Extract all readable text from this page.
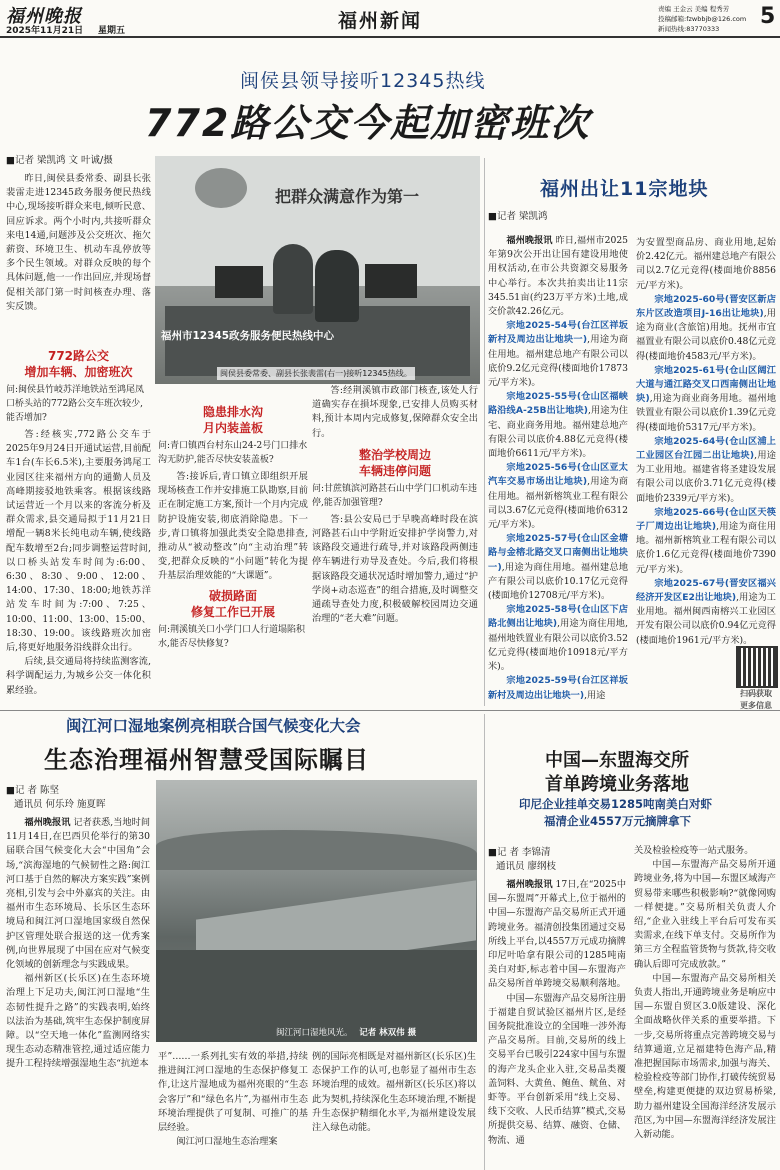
福州晚报
2025年11月21日 星期五	福州新闻
责编 王金云 美编 程秀芳
投稿邮箱:fzwbbjb@126.com
新闻热线:83770333 5
闽侯县领导接听12345热线
772路公交今起加密班次
■记者 梁凯鸿 文 叶诚/摄

昨日,闽侯县委常委、副县长张裴雷走进12345政务服务便民热线中心,现场接听群众来电,倾听民意、回应诉求。两个小时内,共接听群众来电14通,问题涉及公交班次、拖欠薪资、环境卫生、机动车乱停放等多个民生领域。对群众反映的每个具体问题,他一一作出回应,并现场督促相关部门第一时间核查办理、落实反馈。

把群众满意作为第一
福州市12345政务服务便民热线中心
闽侯县委常委、副县长张裴雷(右一)接听12345热线。
772路公交
增加车辆、加密班次

问:闽侯县竹岐苏洋地铁站至鸿尾凤口桥头站的772路公交车班次较少,能否增加?

答:经核实,772路公交车于2025年9月24日开通试运营,目前配车1台(车长6.5米),主要服务鸿尾工业园区往来福州方向的通勤人员及高峰期接驳地铁乘客。根据该线路试运营近一个月以来的客流分析及群众需求,县交通局拟于11月21日增配一辆8米长纯电动车辆,使线路配车数增至2台;同步调整运营时间,以口桥头站发车时间为:6:00、6:30、8:30、9:00、12:00、14:00、17:30、18:00;地铁苏洋站发车时间为:7:00、7:25、10:00、11:00、13:00、15:00、18:30、19:00。该线路班次加密后,将更好地服务沿线群众出行。

后续,县交通局将持续监测客流,科学调配运力,为城乡公交一体化积累经验。

隐患排水沟
月内装盖板

问:青口镇西台村东山24-2号门口排水沟无防护,能否尽快安装盖板?

答:接诉后,青口镇立即组织开展现场核查工作并安排施工队勘察,目前正在制定施工方案,预计一个月内完成防护设施安装,彻底消除隐患。下一步,青口镇将加强此类安全隐患排查,推动从“被动整改”向“主动治理”转变,把群众反映的“小问题”转化为提升基层治理效能的“大课题”。

破损路面
修复工作已开展

问:荆溪镇关口小学门口人行道塌陷积水,能否尽快修复?

答:经荆溪镇市政部门核查,该处人行道确实存在損坏现象,已安排人员购买材料,预计本周内完成修复,保障群众安全出行。

整治学校周边
车辆违停问题

问:甘蔗镇滨河路甚石山中学门口机动车违停,能否加强管理?

答:县公安局已于早晚高峰时段在滨河路甚石山中学附近安排护学岗警力,对该路段交通进行疏导,并对该路段两侧违停车辆进行劝导及查处。今后,我们将根据该路段交通状况适时增加警力,通过“护学岗+动态巡查”的组合措施,及时调整交通疏导查处力度,积极破解校园周边交通治理的“老大难”问题。

福州出让11宗地块
■记者 梁凯鸿

福州晚报讯 昨日,福州市2025年第9次公开出让国有建设用地使用权活动,在市公共资源交易服务中心举行。本次共拍卖出让11宗345.51亩(约23万平方米)土地,成交价款42.26亿元。

宗地2025-54号(台江区祥坂新村及周边出让地块一),用途为商住用地。福州建总地产有限公司以底价9.2亿元竞得(楼面地价17873元/平方米)。

宗地2025-55号(仓山区福峡路沿线A-25B出让地块),用途为住宅、商业商务用地。福州建总地产有限公司以底价4.88亿元竞得(楼面地价6611元/平方米)。

宗地2025-56号(仓山区亚太汽车交易市场出让地块),用途为商住用地。福州新榕筑业工程有限公司以3.67亿元竞得(楼面地价6312元/平方米)。

宗地2025-57号(仓山区金塘路与金榕北路交叉口南侧出让地块一),用途为商住用地。福州建总地产有限公司以底价10.17亿元竞得(楼面地价12708元/平方米)。

宗地2025-58号(仓山区下店路北侧出让地块),用途为商住用地,福州地铁置业有限公司以底价3.52亿元竞得(楼面地价10918元/平方米)。

宗地2025-59号(台江区祥坂新村及周边出让地块一),用途

为安置型商品房、商业用地,起始价2.42亿元。福州建总地产有限公司以2.7亿元竞得(楼面地价8856元/平方米)。

宗地2025-60号(晋安区新店东片区改造项目J-16出让地块),用途为商业(含旅馆)用地。抚州市宜福置业有限公司以底价0.48亿元竞得(楼面地价4583元/平方米)。

宗地2025-61号(仓山区阔江大道与通江路交叉口西南侧出让地块),用途为商业商务用地。福州地铁置业有限公司以底价1.39亿元竞得(楼面地价5317元/平方米)。

宗地2025-64号(仓山区浦上工业园区台江园二出让地块),用途为工业用地。福建省将圣建设发展有限公司以底价3.71亿元竞得(楼面地价2339元/平方米)。

宗地2025-66号(仓山区天筷子厂周边出让地块),用途为商住用地。福州新榕筑业工程有限公司以底价1.6亿元竞得(楼面地价7390元/平方米)。

宗地2025-67号(晋安区福兴经济开发区E2出让地块),用途为工业用地。福州闽西南榕兴工业园区开发有限公司以底价0.94亿元竞得(楼面地价1961元/平方米)。

扫码获取
更多信息
闽江河口湿地案例亮相联合国气候变化大会
生态治理福州智慧受国际瞩目
■记 者 陈坚
通讯员 何乐玲 施夏晖

福州晚报讯 记者获悉,当地时间11月14日,在巴西贝伦举行的第30届联合国气候变化大会“中国角”会场,“滨海湿地的气候韧性之路:闽江河口基于自然的解决方案实践”案例亮相,引发与会中外嘉宾的关注。由福州市生态环境局、长乐区生态环境局和闽江河口湿地国家级自然保护区管理处联合报送的这一优秀案例,向世界展现了中国在应对气候变化领域的创新理念与实践成果。

福州新区(长乐区)在生态环境治理上下足功夫,闽江河口湿地“生态韧性提升之路”的实践表明,始终以法治为基础,筑牢生态保护制度屏障。以“空天地一体化”监测网络实现生态动态精准管控,通过适应能力提升工程持续增强湿地生态“抗逆本

闽江河口湿地风光。 记者 林双伟 摄
平”……一系列扎实有效的举措,持续推进闽江河口湿地的生态保护修复工作,让这片湿地成为福州亮眼的“生态会客厅”和“绿色名片”,为福州市生态环境治理提供了可复制、可推广的基层经验。

闽江河口湿地生态治理案

例的国际亮相既是对福州新区(长乐区)生态保护工作的认可,也彰显了福州市生态环境治理的成效。福州新区(长乐区)将以此为契机,持续深化生态环境治理,不断提升生态保护精细化水平,为福州建设发展注入绿色动能。
中国—东盟海交所
首单跨境业务落地
印尼企业挂单交易1285吨南美白对虾
福清企业4557万元摘牌拿下
■记 者 李锦清
通讯员 廖纲枝

福州晚报讯 17日,在“2025中国—东盟周”开幕式上,位于福州的中国—东盟海产品交易所正式开通跨境业务。福清创投集团通过交易所线上平台,以4557万元成功摘牌印尼叶哈拿有限公司的1285吨南美白对虾,标志着中国—东盟海产品交易所首单跨境交易顺利落地。

中国—东盟海产品交易所注册于福建自贸试验区福州片区,是经国务院批准设立的全国唯一涉外海产品交易所。目前,交易所的线上交易平台已吸引224家中国与东盟的海产龙头企业入驻,交易品类覆盖饲料、大黄鱼、鲍鱼、鱿鱼、对虾等。平台创新采用“线上交易、线下交收、人民币结算”模式,交易所提供交易、结算、融资、仓储、物流、通

关及检验检疫等一站式服务。

中国—东盟海产品交易所开通跨境业务,将为中国—东盟区域海产贸易带来哪些积极影响?“就像网购一样便捷。”交易所相关负责人介绍,“企业入驻线上平台后可发布买卖需求,在线下单支付。交易所作为第三方全程监管货物与货款,待交收确认后即可完成放款。”

中国—东盟海产品交易所相关负责人指出,开通跨境业务是响应中国—东盟自贸区3.0版建设、深化全面战略伙伴关系的重要举措。下一步,交易所将重点完善跨境交易与结算通道,立足福建特色海产品,精准把握国际市场需求,加强与海关、检验检疫等部门协作,打破传统贸易壁垒,构建更便捷的双边贸易桥梁,助力福州建设全国海洋经济发展示范区,为中国—东盟海洋经济发展注入新动能。
